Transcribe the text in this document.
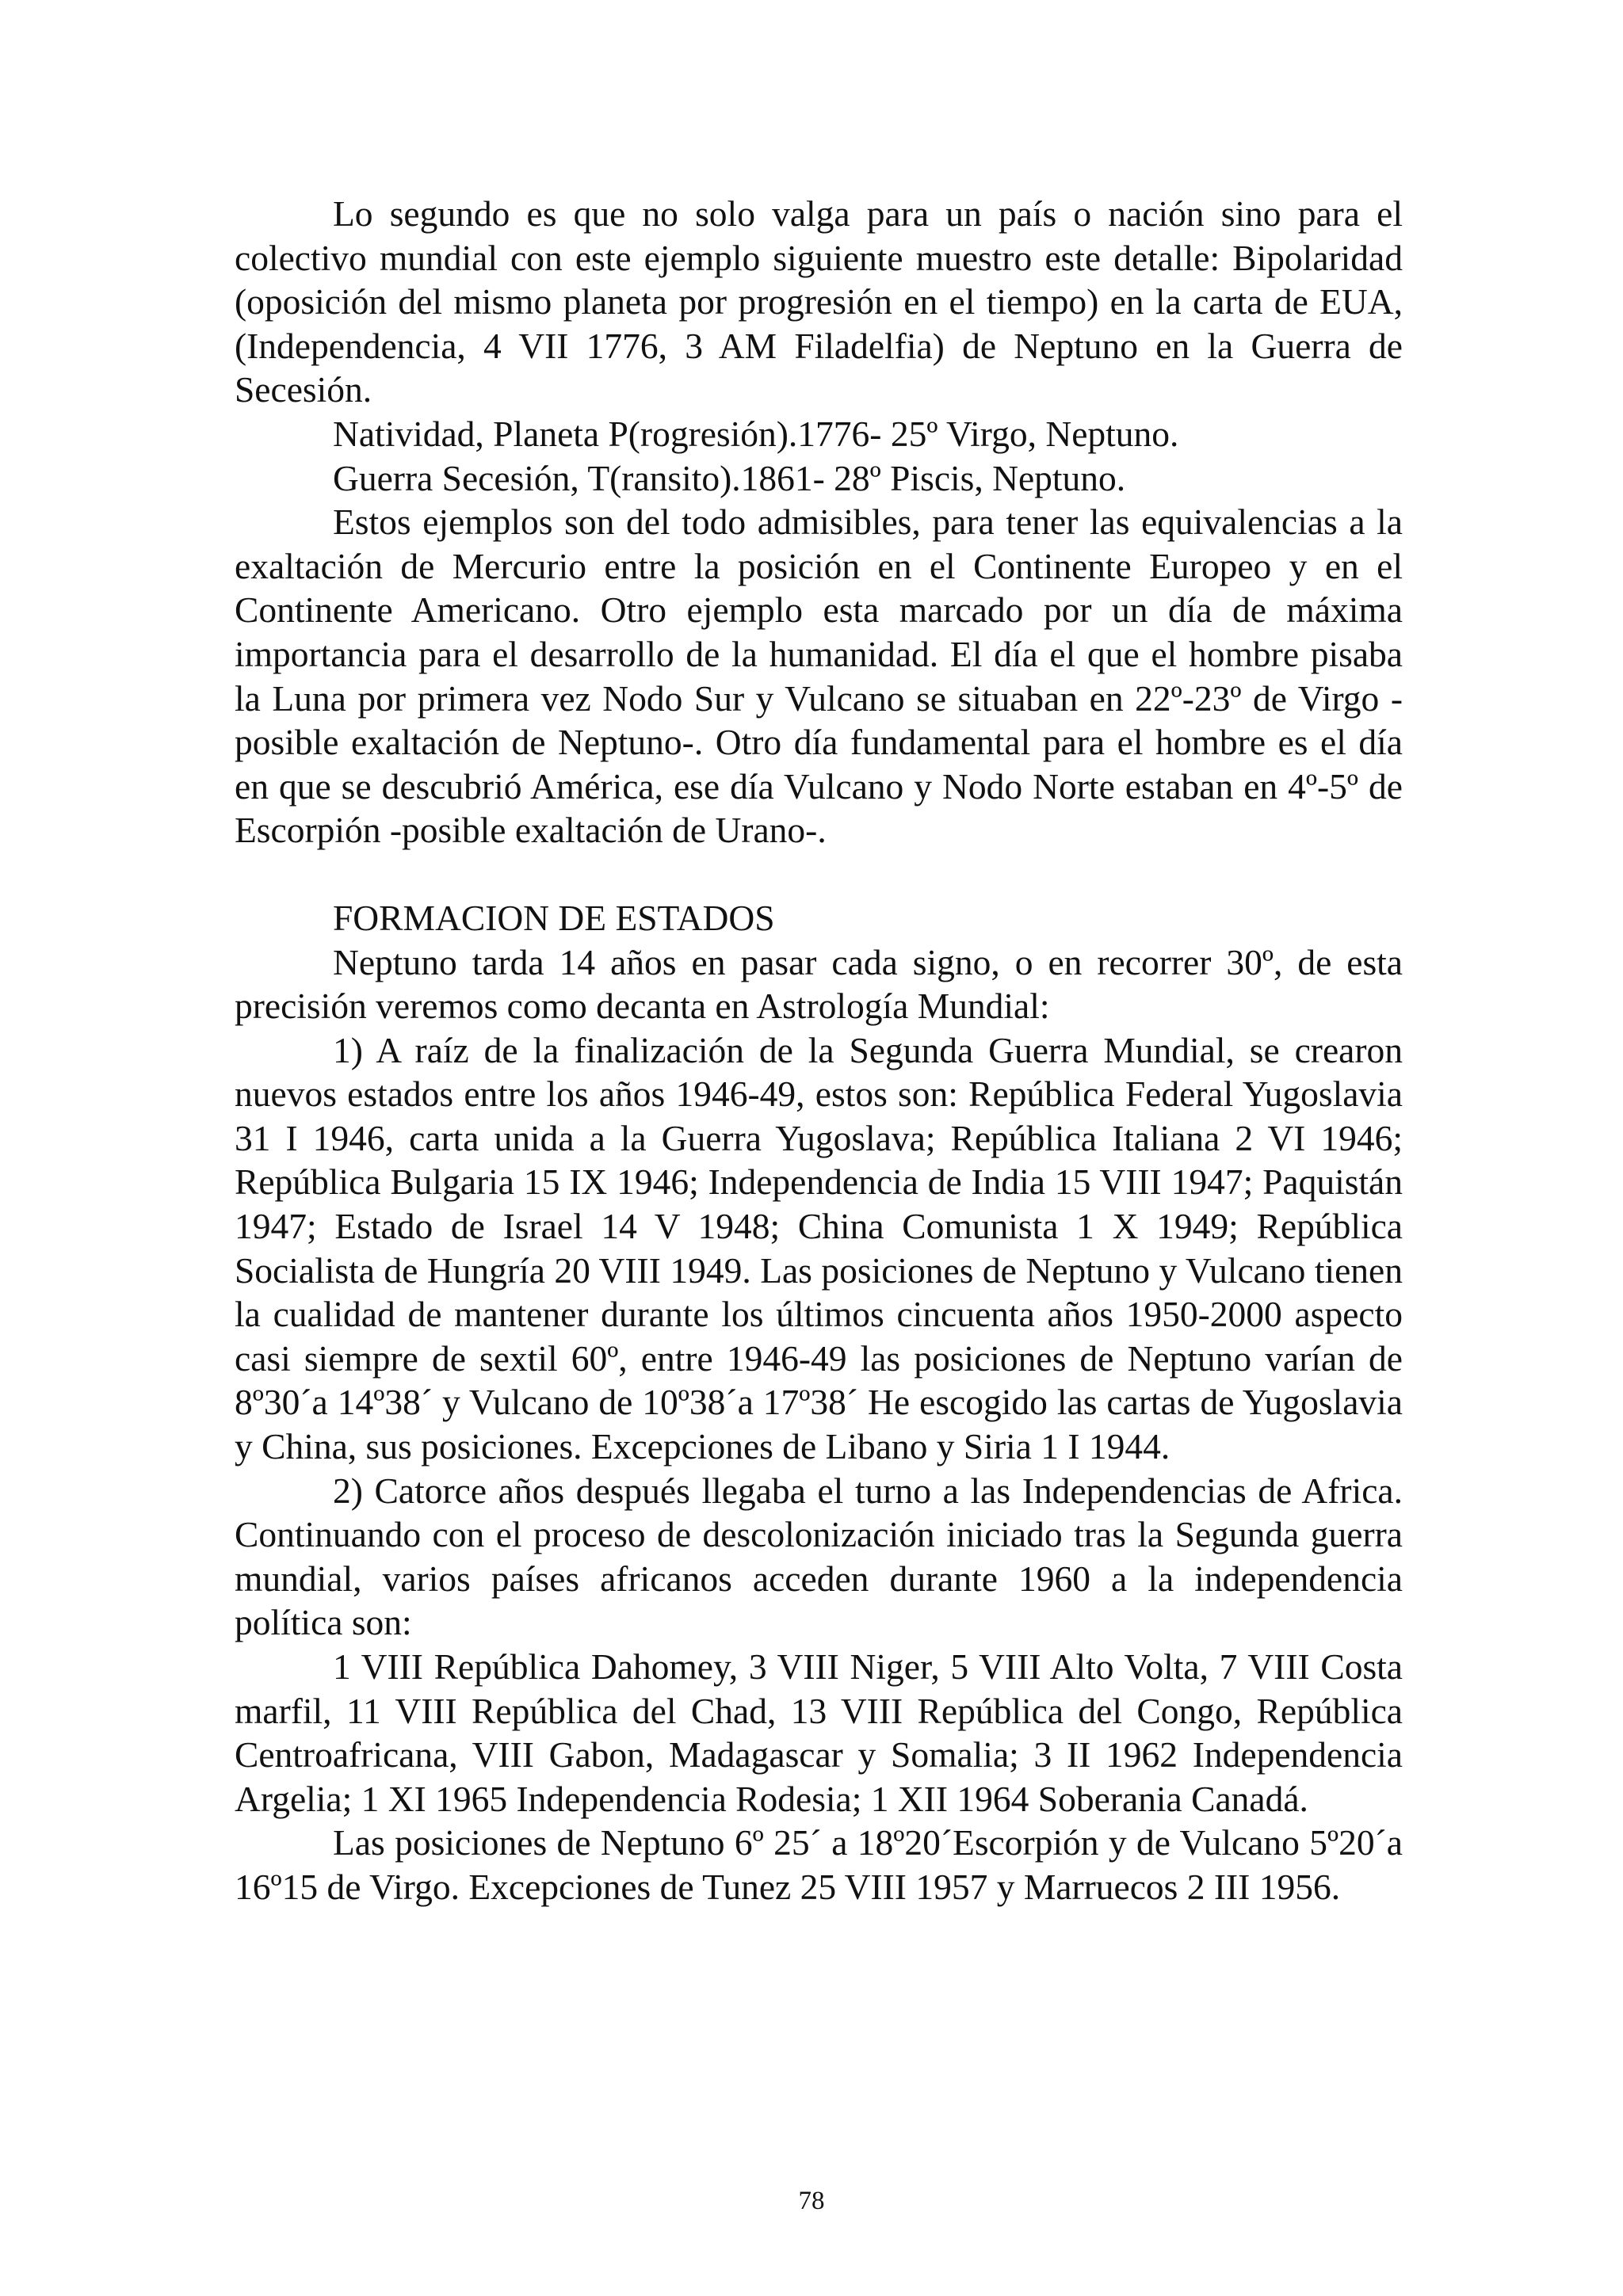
Lo segundo es que no solo valga para un país o nación sino para el colectivo mundial con este ejemplo siguiente muestro este detalle: Bipolaridad (oposición del mismo planeta por progresión en el tiempo) en la carta de EUA, (Independencia, 4 VII 1776, 3 AM Filadelfia) de Neptuno en la Guerra de Secesión.

Natividad, Planeta P(rogresión).1776- 25º Virgo, Neptuno.

Guerra Secesión, T(ransito).1861- 28º Piscis, Neptuno.

Estos ejemplos son del todo admisibles, para tener las equivalencias a la exaltación de Mercurio entre la posición en el Continente Europeo y en el Continente Americano. Otro ejemplo esta marcado por un día de máxima importancia para el desarrollo de la humanidad. El día el que el hombre pisaba la Luna por primera vez Nodo Sur y Vulcano se situaban en 22º-23º de Virgo -posible exaltación de Neptuno-. Otro día fundamental para el hombre es el día en que se descubrió América, ese día Vulcano y Nodo Norte estaban en 4º-5º de Escorpión -posible exaltación de Urano-.

FORMACION DE ESTADOS

Neptuno tarda 14 años en pasar cada signo, o en recorrer 30º, de esta precisión veremos como decanta en Astrología Mundial:

1) A raíz de la finalización de la Segunda Guerra Mundial, se crearon nuevos estados entre los años 1946-49, estos son: República Federal Yugoslavia 31 I 1946, carta unida a la Guerra Yugoslava; República Italiana 2 VI 1946; República Bulgaria 15 IX 1946; Independencia de India 15 VIII 1947; Paquistán 1947; Estado de Israel 14 V 1948; China Comunista 1 X 1949; República Socialista de Hungría 20 VIII 1949. Las posiciones de Neptuno y Vulcano tienen la cualidad de mantener durante los últimos cincuenta años 1950-2000 aspecto casi siempre de sextil 60º, entre 1946-49 las posiciones de Neptuno varían de 8º30´a 14º38´ y Vulcano de 10º38´a 17º38´ He escogido las cartas de Yugoslavia y China, sus posiciones. Excepciones de Libano y Siria 1 I 1944.

2) Catorce años después llegaba el turno a las Independencias de Africa. Continuando con el proceso de descolonización iniciado tras la Segunda guerra mundial, varios países africanos acceden durante 1960 a la independencia política son:

1 VIII República Dahomey, 3 VIII Niger, 5 VIII Alto Volta, 7 VIII Costa marfil, 11 VIII República del Chad, 13 VIII República del Congo, República Centroafricana, VIII Gabon, Madagascar y Somalia; 3 II 1962 Independencia Argelia; 1 XI 1965 Independencia Rodesia; 1 XII 1964 Soberania Canadá.

Las posiciones de Neptuno 6º 25´ a 18º20´Escorpión y de Vulcano 5º20´a 16º15 de Virgo. Excepciones de Tunez 25 VIII 1957 y Marruecos 2 III 1956.

78
